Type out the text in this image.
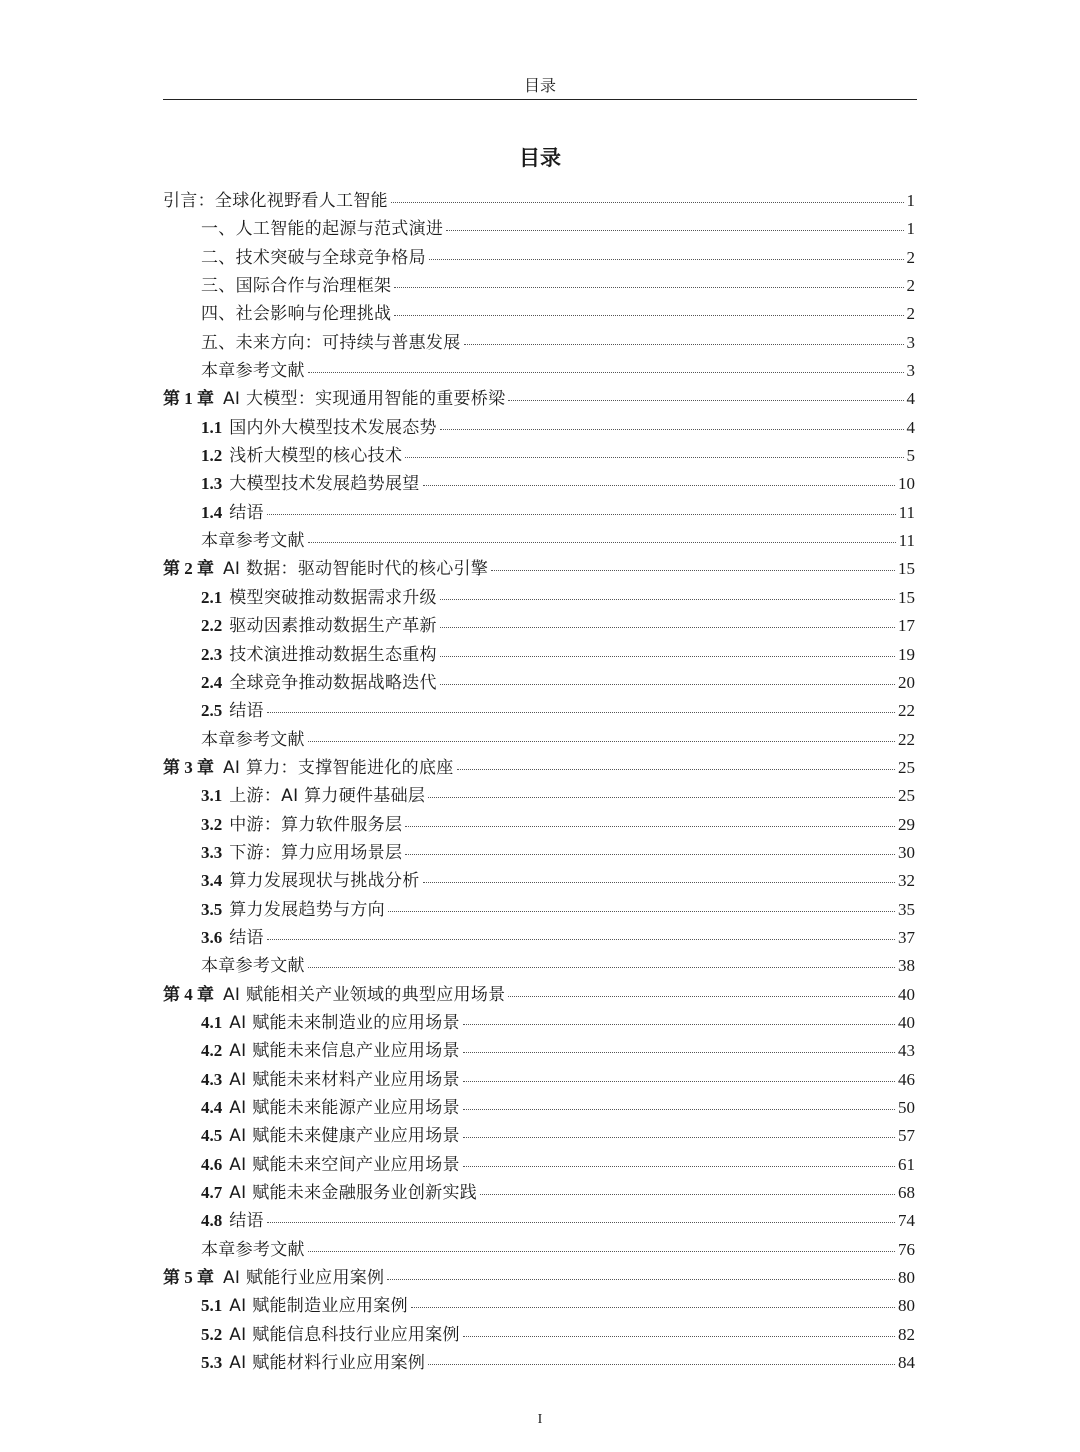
目录
目录
引言：全球化视野看人工智能	1
一、人工智能的起源与范式演进	1
二、技术突破与全球竞争格局	2
三、国际合作与治理框架	2
四、社会影响与伦理挑战	2
五、未来方向：可持续与普惠发展	3
本章参考文献	3
第 1 章 AI 大模型：实现通用智能的重要桥梁	4
1.1 国内外大模型技术发展态势	4
1.2 浅析大模型的核心技术	5
1.3 大模型技术发展趋势展望	10
1.4 结语	11
本章参考文献	11
第 2 章 AI 数据：驱动智能时代的核心引擎	15
2.1 模型突破推动数据需求升级	15
2.2 驱动因素推动数据生产革新	17
2.3 技术演进推动数据生态重构	19
2.4 全球竞争推动数据战略迭代	20
2.5 结语	22
本章参考文献	22
第 3 章 AI 算力：支撑智能进化的底座	25
3.1 上游：AI 算力硬件基础层	25
3.2 中游：算力软件服务层	29
3.3 下游：算力应用场景层	30
3.4 算力发展现状与挑战分析	32
3.5 算力发展趋势与方向	35
3.6 结语	37
本章参考文献	38
第 4 章 AI 赋能相关产业领域的典型应用场景	40
4.1 AI 赋能未来制造业的应用场景	40
4.2 AI 赋能未来信息产业应用场景	43
4.3 AI 赋能未来材料产业应用场景	46
4.4 AI 赋能未来能源产业应用场景	50
4.5 AI 赋能未来健康产业应用场景	57
4.6 AI 赋能未来空间产业应用场景	61
4.7 AI 赋能未来金融服务业创新实践	68
4.8 结语	74
本章参考文献	76
第 5 章 AI 赋能行业应用案例	80
5.1 AI 赋能制造业应用案例	80
5.2 AI 赋能信息科技行业应用案例	82
5.3 AI 赋能材料行业应用案例	84
I
